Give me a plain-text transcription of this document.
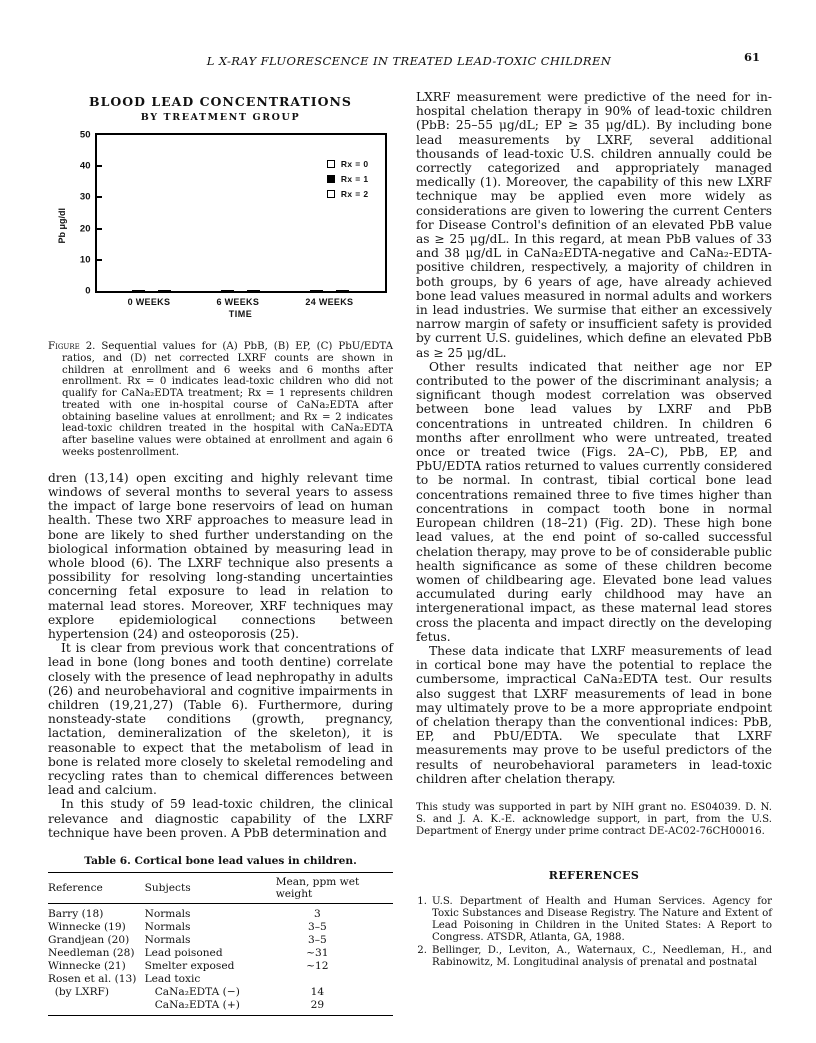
L X-RAY FLUORESCENCE IN TREATED LEAD-TOXIC CHILDREN	61
BLOOD LEAD CONCENTRATIONS
BY TREATMENT GROUP
Pb μg/dl
Rx = 0
Rx = 1
Rx = 2
0
10
20
30
40
50
0 WEEKS	6 WEEKS	24 WEEKS
TIME
Figure 2. Sequential values for (A) PbB, (B) EP, (C) PbU/EDTA ratios, and (D) net corrected LXRF counts are shown in children at enrollment and 6 weeks and 6 months after enrollment. Rx = 0 indicates lead-toxic children who did not qualify for CaNa₂EDTA treatment; Rx = 1 represents children treated with one in-hospital course of CaNa₂EDTA after obtaining baseline values at enrollment; and Rx = 2 indicates lead-toxic children treated in the hospital with CaNa₂EDTA after baseline values were obtained at enrollment and again 6 weeks postenrollment.
dren (13,14) open exciting and highly relevant time windows of several months to several years to assess the impact of large bone reservoirs of lead on human health. These two XRF approaches to measure lead in bone are likely to shed further understanding on the biological information obtained by measuring lead in whole blood (6). The LXRF technique also presents a possibility for resolving long-standing uncertainties concerning fetal exposure to lead in relation to maternal lead stores. Moreover, XRF techniques may explore epidemiological connections between hypertension (24) and osteoporosis (25).
It is clear from previous work that concentrations of lead in bone (long bones and tooth dentine) correlate closely with the presence of lead nephropathy in adults (26) and neurobehavioral and cognitive impairments in children (19,21,27) (Table 6). Furthermore, during nonsteady-state conditions (growth, pregnancy, lactation, demineralization of the skeleton), it is reasonable to expect that the metabolism of lead in bone is related more closely to skeletal remodeling and recycling rates than to chemical differences between lead and calcium.
In this study of 59 lead-toxic children, the clinical relevance and diagnostic capability of the LXRF technique have been proven. A PbB determination and
Table 6. Cortical bone lead values in children.
Reference	Subjects	Mean, ppm wet weight
Barry (18)	Normals	3
Winnecke (19)	Normals	3–5
Grandjean (20)	Normals	3–5
Needleman (28)	Lead poisoned	~31
Winnecke (21)	Smelter exposed	~12
Rosen et al. (13)	Lead toxic	
(by LXRF)	CaNa₂EDTA (−)	14
	CaNa₂EDTA (+)	29
LXRF measurement were predictive of the need for in-hospital chelation therapy in 90% of lead-toxic children (PbB: 25–55 μg/dL; EP ≥ 35 μg/dL). By including bone lead measurements by LXRF, several additional thousands of lead-toxic U.S. children annually could be correctly categorized and appropriately managed medically (1). Moreover, the capability of this new LXRF technique may be applied even more widely as considerations are given to lowering the current Centers for Disease Control's definition of an elevated PbB value as ≥ 25 μg/dL. In this regard, at mean PbB values of 33 and 38 μg/dL in CaNa₂EDTA-negative and CaNa₂-EDTA-positive children, respectively, a majority of children in both groups, by 6 years of age, have already achieved bone lead values measured in normal adults and workers in lead industries. We surmise that either an excessively narrow margin of safety or insufficient safety is provided by current U.S. guidelines, which define an elevated PbB as ≥ 25 μg/dL.
Other results indicated that neither age nor EP contributed to the power of the discriminant analysis; a significant though modest correlation was observed between bone lead values by LXRF and PbB concentrations in untreated children. In children 6 months after enrollment who were untreated, treated once or treated twice (Figs. 2A–C), PbB, EP, and PbU/EDTA ratios returned to values currently considered to be normal. In contrast, tibial cortical bone lead concentrations remained three to five times higher than concentrations in compact tooth bone in normal European children (18–21) (Fig. 2D). These high bone lead values, at the end point of so-called successful chelation therapy, may prove to be of considerable public health significance as some of these children become women of childbearing age. Elevated bone lead values accumulated during early childhood may have an intergenerational impact, as these maternal lead stores cross the placenta and impact directly on the developing fetus.
These data indicate that LXRF measurements of lead in cortical bone may have the potential to replace the cumbersome, impractical CaNa₂EDTA test. Our results also suggest that LXRF measurements of lead in bone may ultimately prove to be a more appropriate endpoint of chelation therapy than the conventional indices: PbB, EP, and PbU/EDTA. We speculate that LXRF measurements may prove to be useful predictors of the results of neurobehavioral parameters in lead-toxic children after chelation therapy.
This study was supported in part by NIH grant no. ES04039. D. N. S. and J. A. K.-E. acknowledge support, in part, from the U.S. Department of Energy under prime contract DE-AC02-76CH00016.
REFERENCES
1. U.S. Department of Health and Human Services. Agency for Toxic Substances and Disease Registry. The Nature and Extent of Lead Poisoning in Children in the United States: A Report to Congress. ATSDR, Atlanta, GA, 1988.
2. Bellinger, D., Leviton, A., Waternaux, C., Needleman, H., and Rabinowitz, M. Longitudinal analysis of prenatal and postnatal
